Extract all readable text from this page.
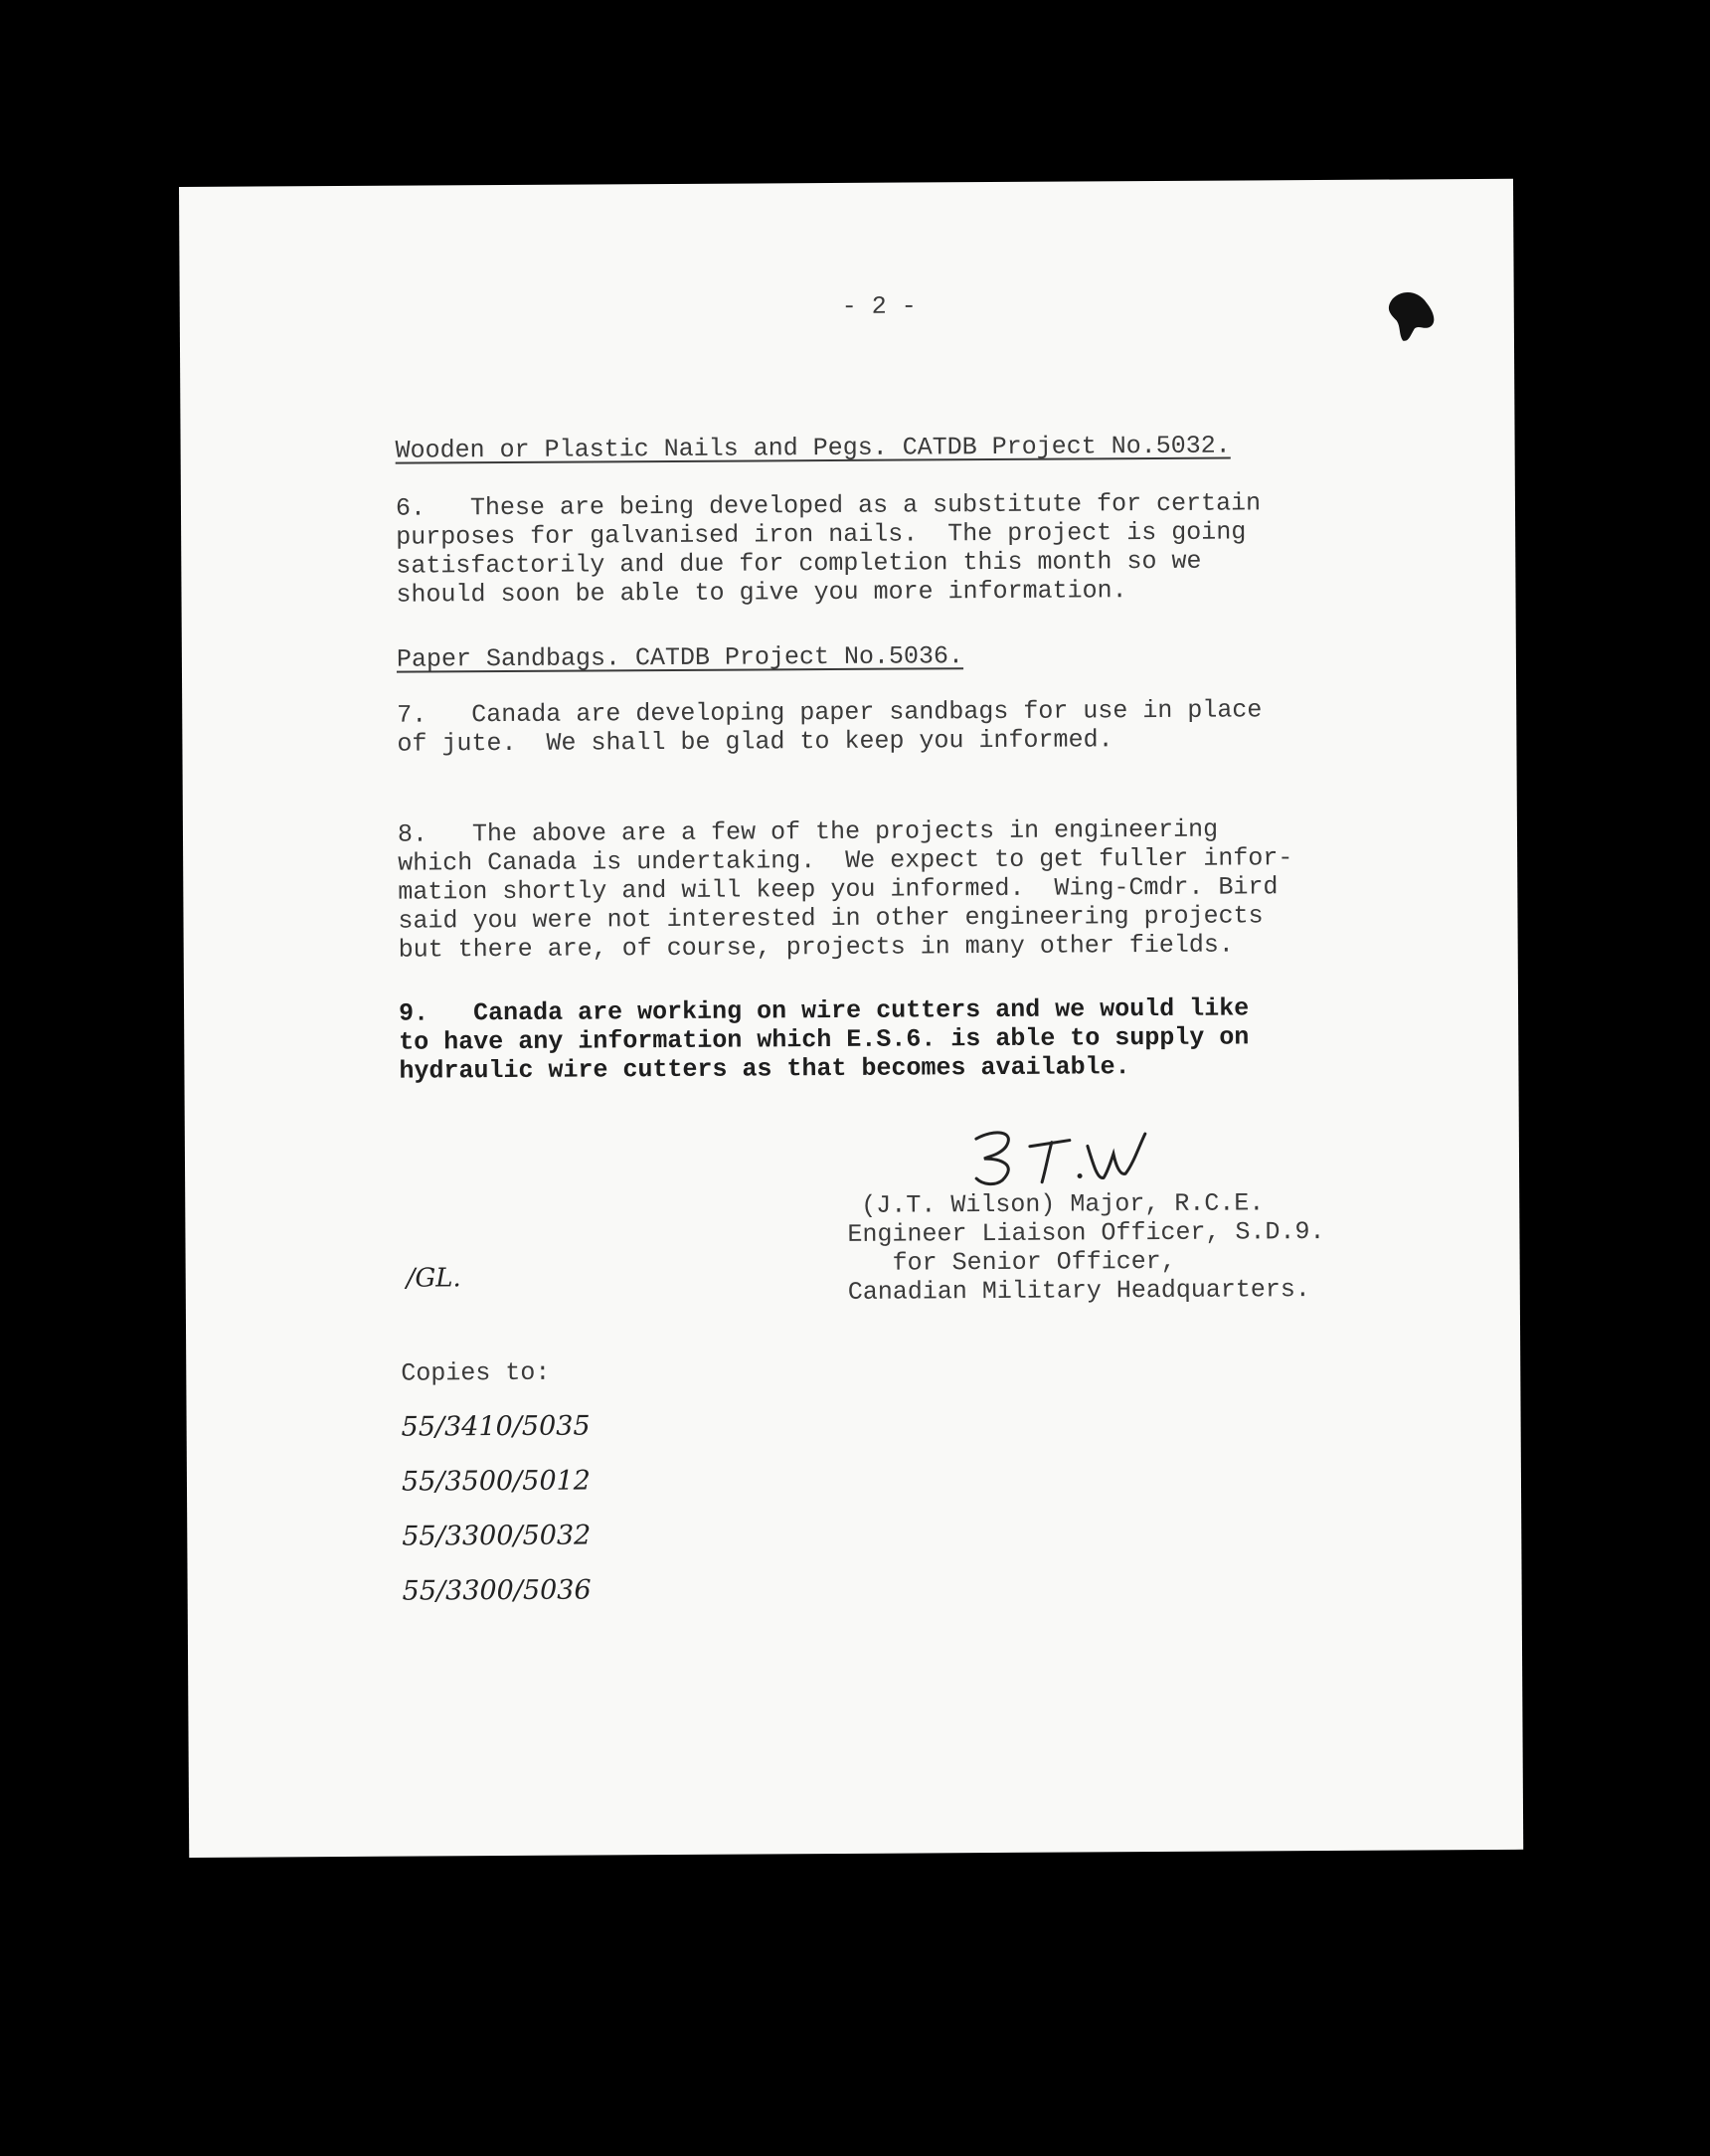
- 2 -

Wooden or Plastic Nails and Pegs. CATDB Project No.5032.

6.   These are being developed as a substitute for certain

purposes for galvanised iron nails.  The project is going

satisfactorily and due for completion this month so we

should soon be able to give you more information.

Paper Sandbags. CATDB Project No.5036.

7.   Canada are developing paper sandbags for use in place

of jute.  We shall be glad to keep you informed.

8.   The above are a few of the projects in engineering

which Canada is undertaking.  We expect to get fuller infor-

mation shortly and will keep you informed.  Wing-Cmdr. Bird

said you were not interested in other engineering projects

but there are, of course, projects in many other fields.

9.   Canada are working on wire cutters and we would like

to have any information which E.S.6. is able to supply on

hydraulic wire cutters as that becomes available.

(J.T. Wilson) Major, R.C.E.

Engineer Liaison Officer, S.D.9.

for Senior Officer,

Canadian Military Headquarters.

/GL.

Copies to:

55/3410/5035

55/3500/5012

55/3300/5032

55/3300/5036
